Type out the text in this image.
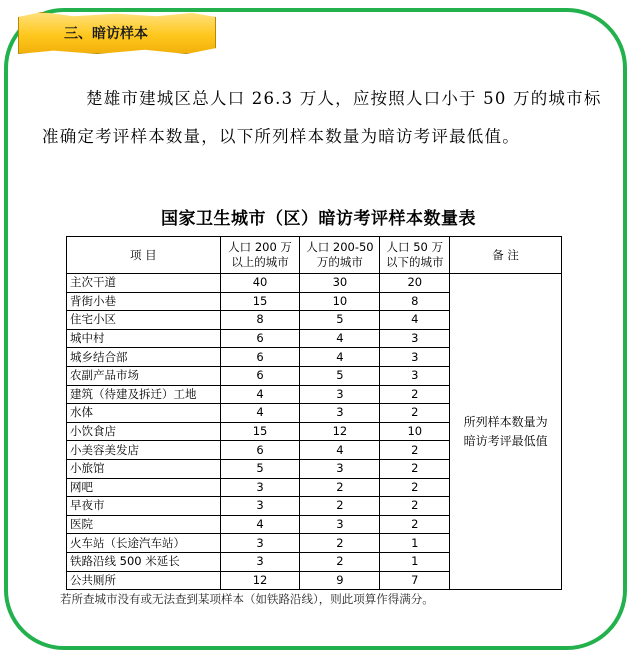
三、暗访样本

楚雄市建城区总人口 26.3 万人，应按照人口小于 50 万的城市标准确定考评样本数量，以下所列样本数量为暗访考评最低值。

国家卫生城市（区）暗访考评样本数量表
项 目	人口 200 万以上的城市	人口 200-50 万的城市	人口 50 万以下的城市	备 注
主次干道	40	30	20	所列样本数量为暗访考评最低值
背街小巷	15	10	8	
住宅小区	8	5	4	
城中村	6	4	3	
城乡结合部	6	4	3	
农副产品市场	6	5	3	
建筑（待建及拆迁）工地	4	3	2	
水体	4	3	2	
小饮食店	15	12	10	
小美容美发店	6	4	2	
小旅馆	5	3	2	
网吧	3	2	2	
早夜市	3	2	2	
医院	4	3	2	
火车站（长途汽车站）	3	2	1	
铁路沿线 500 米延长	3	2	1	
公共厕所	12	9	7	
若所查城市没有或无法查到某项样本（如铁路沿线），则此项算作得满分。
